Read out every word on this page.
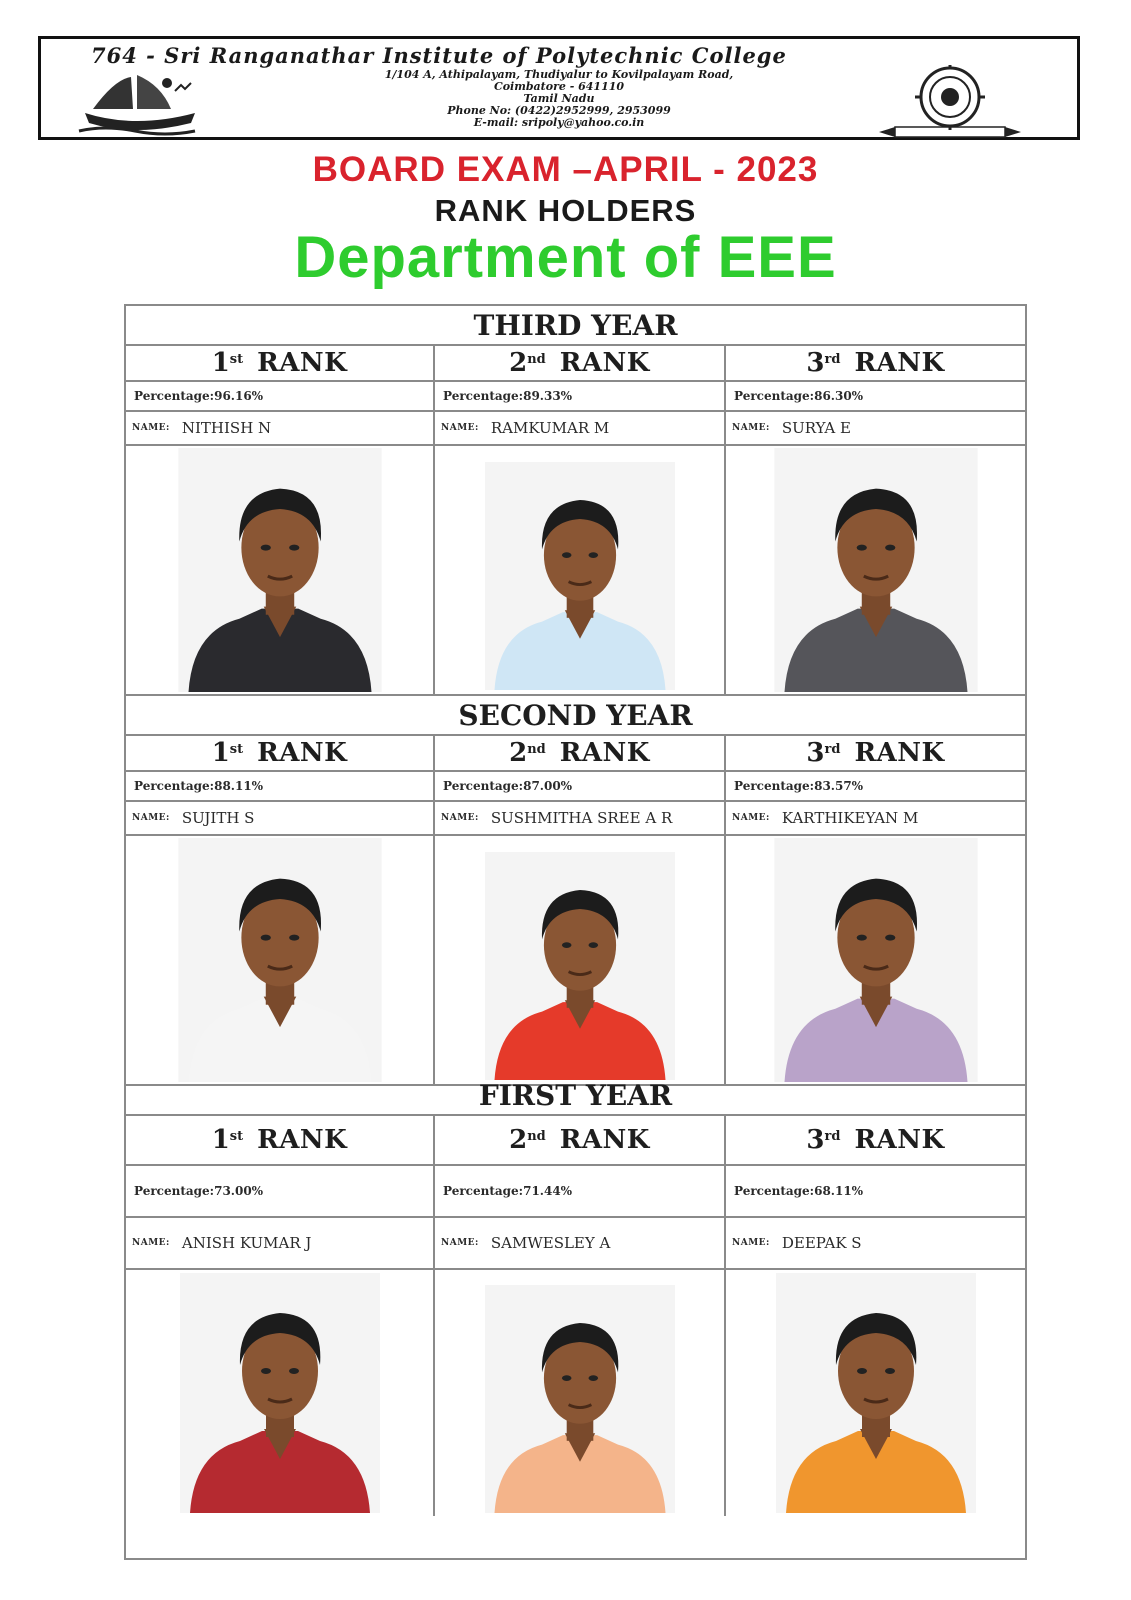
764 - Sri Ranganathar Institute of Polytechnic College
1/104 A, Athipalayam, Thudiyalur to Kovilpalayam Road,
Coimbatore - 641110
Tamil Nadu
Phone No: (0422)2952999, 2953099
E-mail: sripoly@yahoo.co.in
BOARD EXAM –APRIL - 2023
RANK HOLDERS
Department of EEE
THIRD YEAR
1st RANK	2nd RANK	3rd RANK
Percentage:96.16%	Percentage:89.33%	Percentage:86.30%
NAME: NITHISH N	NAME: RAMKUMAR M	NAME: SURYA E
SECOND YEAR
1st RANK	2nd RANK	3rd RANK
Percentage:88.11%	Percentage:87.00%	Percentage:83.57%
NAME: SUJITH S	NAME: SUSHMITHA SREE A R	NAME: KARTHIKEYAN M
FIRST YEAR
1st RANK	2nd RANK	3rd RANK
Percentage:73.00%	Percentage:71.44%	Percentage:68.11%
NAME: ANISH KUMAR J	NAME: SAMWESLEY A	NAME: DEEPAK S
